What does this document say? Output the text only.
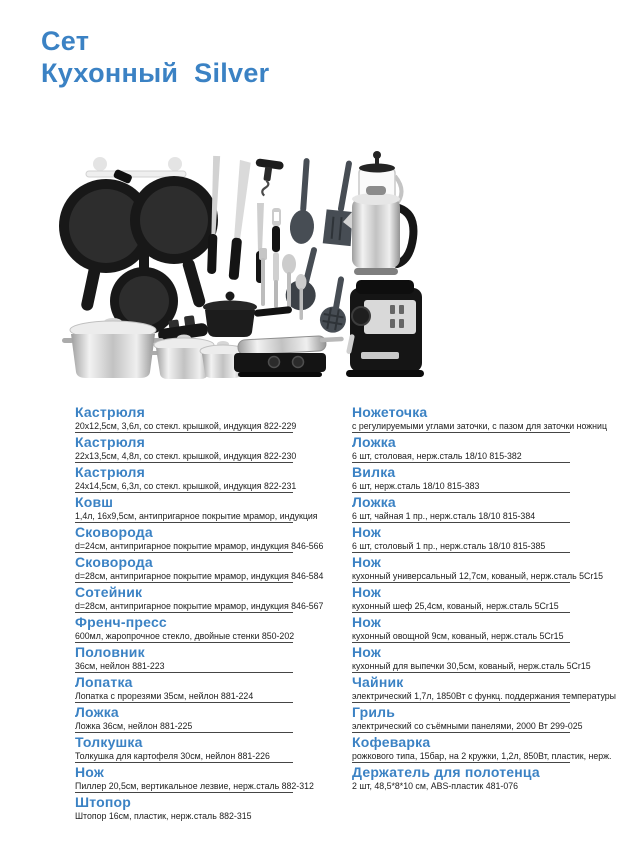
Сет
Кухонный Silver
Кастрюля

20х12,5см, 3,6л, со стекл. крышкой, индукция 822-229

Кастрюля

22х13,5см, 4,8л, со стекл. крышкой, индукция 822-230

Кастрюля

24х14,5см, 6,3л, со стекл. крышкой, индукция 822-231

Ковш

1,4л, 16х9,5см, антипригарное покрытие мрамор, индукция

Сковорода

d=24см, антипригарное покрытие мрамор, индукция 846-566

Сковорода

d=28см, антипригарное покрытие мрамор, индукция 846-584

Сотейник

d=28см, антипригарное покрытие мрамор, индукция 846-567

Френч-пресс

600мл, жаропрочное стекло, двойные стенки 850-202

Половник

36см, нейлон 881-223

Лопатка

Лопатка с прорезями 35см, нейлон 881-224

Ложка

Ложка 36см, нейлон 881-225

Толкушка

Толкушка для картофеля 30см, нейлон 881-226

Нож

Пиллер 20,5см, вертикальное лезвие, нерж.сталь 882-312

Штопор

Штопор 16см, пластик, нерж.сталь 882-315

Ножеточка

с регулируемыми углами заточки, с пазом для заточки ножниц

Ложка

6 шт, столовая, нерж.сталь 18/10 815-382

Вилка

6 шт, нерж.сталь 18/10 815-383

Ложка

6 шт, чайная 1 пр., нерж.сталь 18/10 815-384

Нож

6 шт, столовый 1 пр., нерж.сталь 18/10 815-385

Нож

кухонный универсальный 12,7см, кованый, нерж.сталь 5Cr15

Нож

кухонный шеф 25,4см, кованый, нерж.сталь 5Cr15

Нож

кухонный овощной 9см, кованый, нерж.сталь 5Cr15

Нож

кухонный для выпечки 30,5см, кованый, нерж.сталь 5Cr15

Чайник

электрический 1,7л, 1850Вт с функц. поддержания температуры

Гриль

электрический со съёмными панелями, 2000 Вт 299-025

Кофеварка

рожкового типа, 15бар, на 2 кружки, 1,2л, 850Вт, пластик, нерж.

Держатель для полотенца

2 шт, 48,5*8*10 см, ABS-пластик 481-076
